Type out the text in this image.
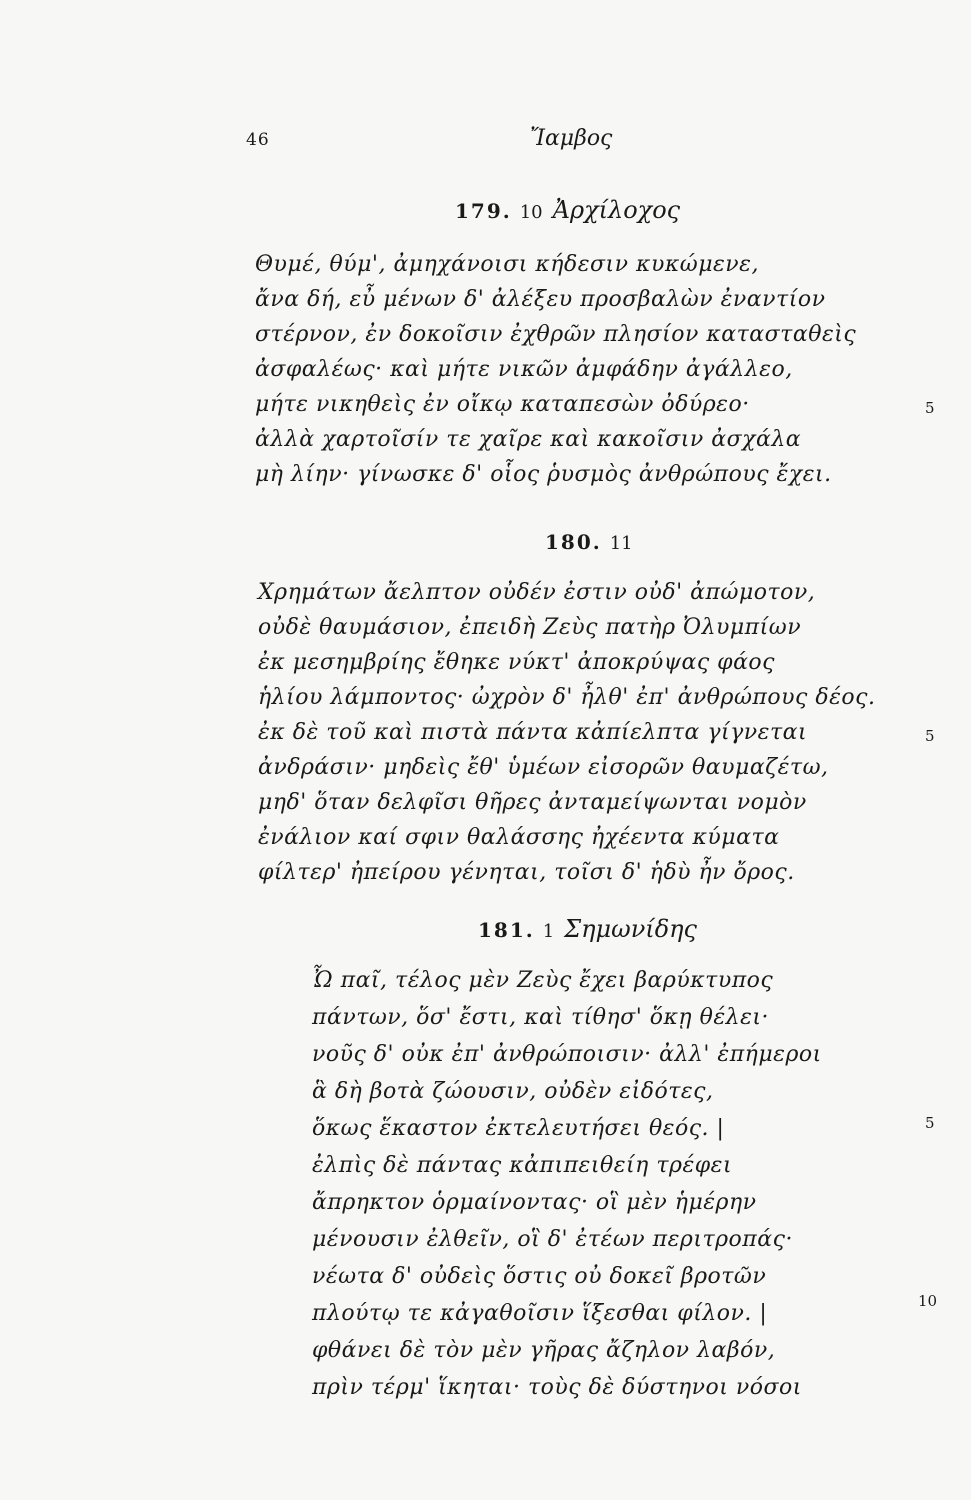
46	Ἴαμβος
179. 10 Ἀρχίλοχος
Θυμέ, θύμ', ἀμηχάνοισι κήδεσιν κυκώμενε,
ἄνα δή, εὖ μένων δ' ἀλέξευ προσβαλὼν ἐναντίον
στέρνον, ἐν δοκοῖσιν ἐχθρῶν πλησίον κατασταθεὶς
ἀσφαλέως· καὶ μήτε νικῶν ἀμφάδην ἀγάλλεο,
μήτε νικηθεὶς ἐν οἴκῳ καταπεσὼν ὀδύρεο·
ἀλλὰ χαρτοῖσίν τε χαῖρε καὶ κακοῖσιν ἀσχάλα
μὴ λίην· γίνωσκε δ' οἷος ῥυσμὸς ἀνθρώπους ἔχει.
5
180. 11
Χρημάτων ἄελπτον οὐδέν ἐστιν οὐδ' ἀπώμοτον,
οὐδὲ θαυμάσιον, ἐπειδὴ Ζεὺς πατὴρ Ὀλυμπίων
ἐκ μεσημβρίης ἔθηκε νύκτ' ἀποκρύψας φάος
ἡλίου λάμποντος· ὠχρὸν δ' ἦλθ' ἐπ' ἀνθρώπους δέος.
ἐκ δὲ τοῦ καὶ πιστὰ πάντα κἀπίελπτα γίγνεται
ἀνδράσιν· μηδεὶς ἔθ' ὑμέων εἰσορῶν θαυμαζέτω,
μηδ' ὅταν δελφῖσι θῆρες ἀνταμείψωνται νομὸν
ἐνάλιον καί σφιν θαλάσσης ἠχέεντα κύματα
φίλτερ' ἠπείρου γένηται, τοῖσι δ' ἡδὺ ἦν ὄρος.
5
181. 1 Σημωνίδης
Ὦ παῖ, τέλος μὲν Ζεὺς ἔχει βαρύκτυπος
πάντων, ὅσ' ἔστι, καὶ τίθησ' ὅκῃ θέλει·
νοῦς δ' οὐκ ἐπ' ἀνθρώποισιν· ἀλλ' ἐπήμεροι
ἃ δὴ βοτὰ ζώουσιν, οὐδὲν εἰδότες,
ὅκως ἕκαστον ἐκτελευτήσει θεός. |
ἐλπὶς δὲ πάντας κἀπιπειθείη τρέφει
ἄπρηκτον ὁρμαίνοντας· οἳ μὲν ἡμέρην
μένουσιν ἐλθεῖν, οἳ δ' ἐτέων περιτροπάς·
νέωτα δ' οὐδεὶς ὅστις οὐ δοκεῖ βροτῶν
πλούτῳ τε κἀγαθοῖσιν ἵξεσθαι φίλον. |
φθάνει δὲ τὸν μὲν γῆρας ἄζηλον λαβόν,
πρὶν τέρμ' ἵκηται· τοὺς δὲ δύστηνοι νόσοι
5
10
